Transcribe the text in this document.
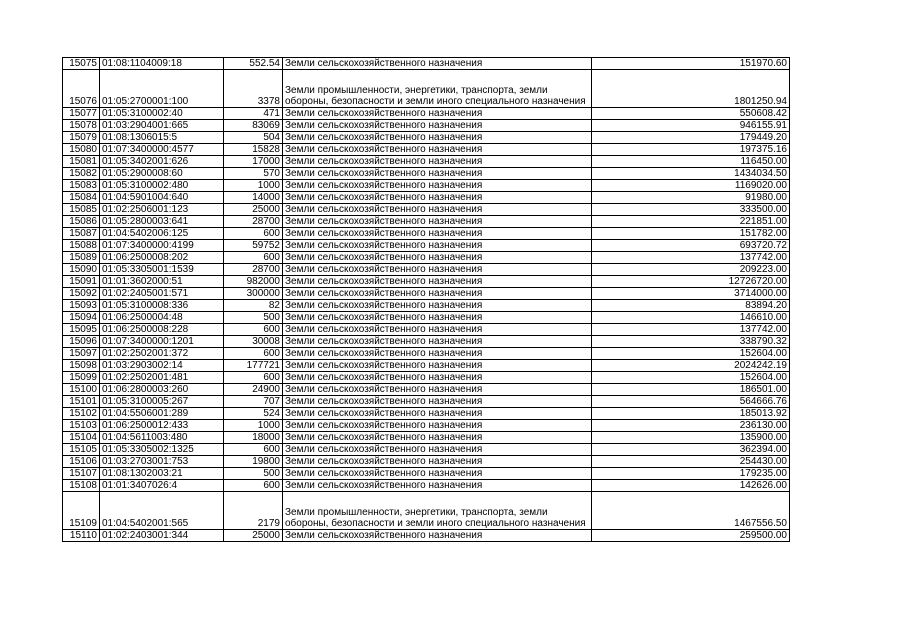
15075	01:08:1104009:18	552.54	Земли сельскохозяйственного назначения	151970.60
15076	01:05:2700001:100	3378	Земли промышленности, энергетики, транспорта, земли обороны, безопасности и земли иного специального назначения	1801250.94
15077	01:05:3100002:40	471	Земли сельскохозяйственного назначения	550608.42
15078	01:03:2904001:665	83069	Земли сельскохозяйственного назначения	946155.91
15079	01:08:1306015:5	504	Земли сельскохозяйственного назначения	179449.20
15080	01:07:3400000:4577	15828	Земли сельскохозяйственного назначения	197375.16
15081	01:05:3402001:626	17000	Земли сельскохозяйственного назначения	116450.00
15082	01:05:2900008:60	570	Земли сельскохозяйственного назначения	1434034.50
15083	01:05:3100002:480	1000	Земли сельскохозяйственного назначения	1169020.00
15084	01:04:5901004:640	14000	Земли сельскохозяйственного назначения	91980.00
15085	01:02:2506001:123	25000	Земли сельскохозяйственного назначения	333500.00
15086	01:05:2800003:641	28700	Земли сельскохозяйственного назначения	221851.00
15087	01:04:5402006:125	600	Земли сельскохозяйственного назначения	151782.00
15088	01:07:3400000:4199	59752	Земли сельскохозяйственного назначения	693720.72
15089	01:06:2500008:202	600	Земли сельскохозяйственного назначения	137742.00
15090	01:05:3305001:1539	28700	Земли сельскохозяйственного назначения	209223.00
15091	01:01:3602000:51	982000	Земли сельскохозяйственного назначения	12726720.00
15092	01:02:2405001:571	300000	Земли сельскохозяйственного назначения	3714000.00
15093	01:05:3100008:336	82	Земли сельскохозяйственного назначения	83894.20
15094	01:06:2500004:48	500	Земли сельскохозяйственного назначения	146610.00
15095	01:06:2500008:228	600	Земли сельскохозяйственного назначения	137742.00
15096	01:07:3400000:1201	30008	Земли сельскохозяйственного назначения	338790.32
15097	01:02:2502001:372	600	Земли сельскохозяйственного назначения	152604.00
15098	01:03:2903002:14	177721	Земли сельскохозяйственного назначения	2024242.19
15099	01:02:2502001:481	600	Земли сельскохозяйственного назначения	152604.00
15100	01:06:2800003:260	24900	Земли сельскохозяйственного назначения	186501.00
15101	01:05:3100005:267	707	Земли сельскохозяйственного назначения	564666.76
15102	01:04:5506001:289	524	Земли сельскохозяйственного назначения	185013.92
15103	01:06:2500012:433	1000	Земли сельскохозяйственного назначения	236130.00
15104	01:04:5611003:480	18000	Земли сельскохозяйственного назначения	135900.00
15105	01:05:3305002:1325	600	Земли сельскохозяйственного назначения	362394.00
15106	01:03:2703001:753	19800	Земли сельскохозяйственного назначения	254430.00
15107	01:08:1302003:21	500	Земли сельскохозяйственного назначения	179235.00
15108	01:01:3407026:4	600	Земли сельскохозяйственного назначения	142626.00
15109	01:04:5402001:565	2179	Земли промышленности, энергетики, транспорта, земли обороны, безопасности и земли иного специального назначения	1467556.50
15110	01:02:2403001:344	25000	Земли сельскохозяйственного назначения	259500.00
